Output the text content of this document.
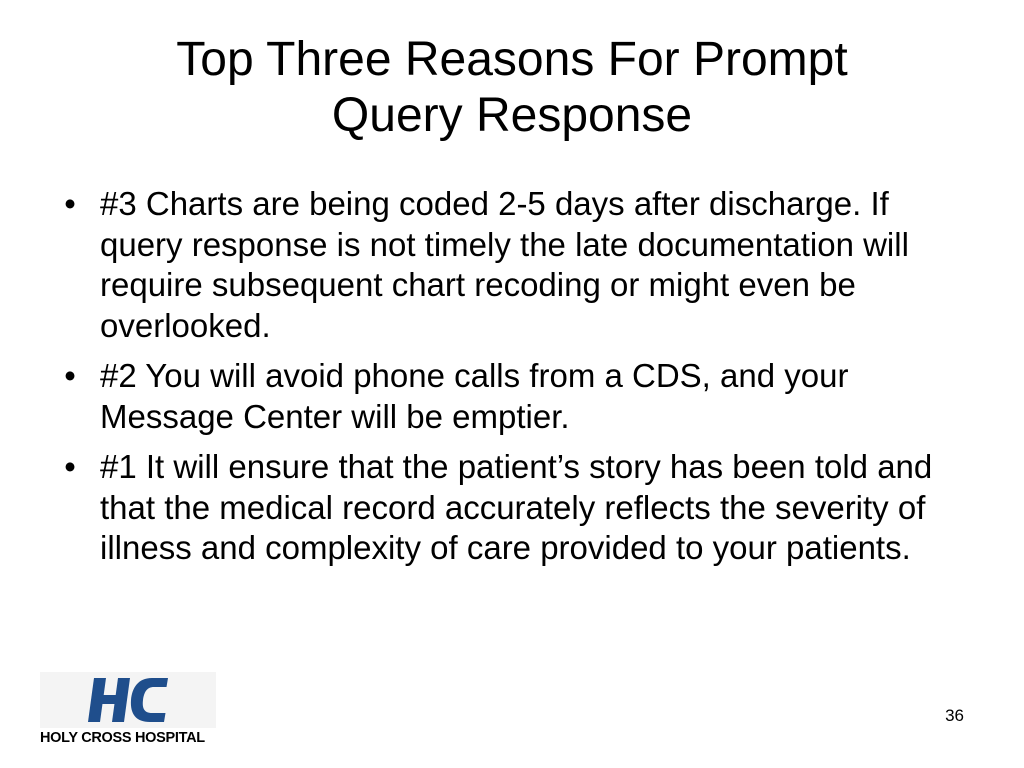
Top Three Reasons For Prompt
Query Response
• #3 Charts are being coded 2-5 days after discharge. If query response is not timely the late documentation will require subsequent chart recoding or might even be overlooked.
• #2 You will avoid phone calls from a CDS, and your Message Center will be emptier.
• #1 It will ensure that the patient’s story has been told and that the medical record accurately reflects the severity of illness and complexity of care provided to your patients.
HOLY CROSS HOSPITAL
36
